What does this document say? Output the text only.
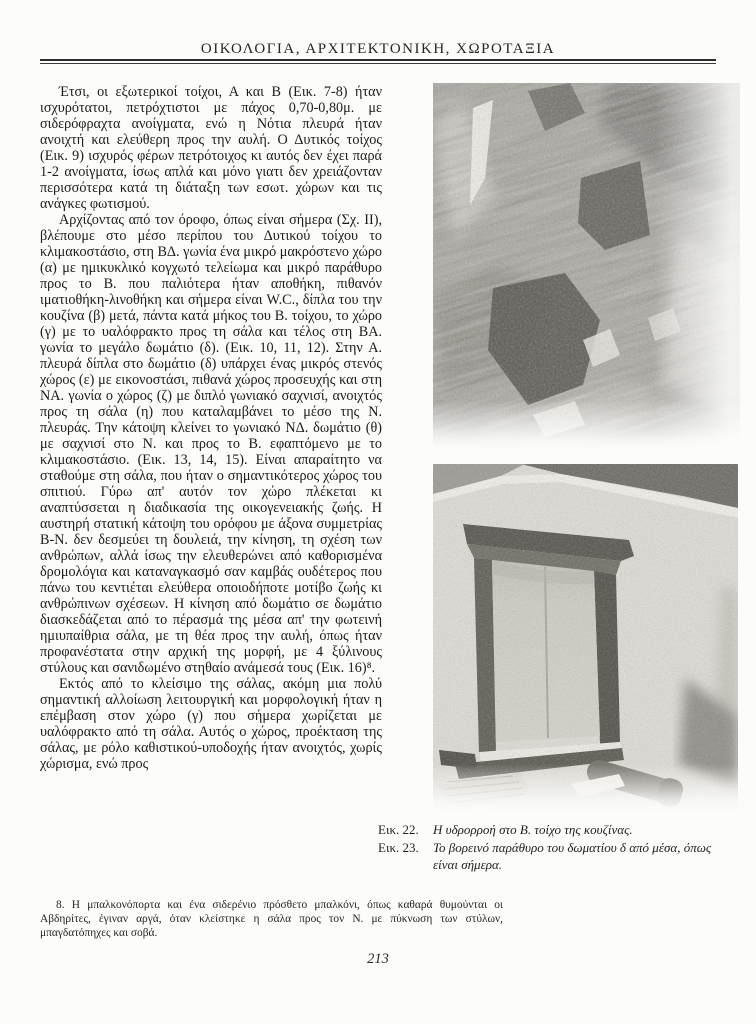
ΟΙΚΟΛΟΓΙΑ, ΑΡΧΙΤΕΚΤΟΝΙΚΗ, ΧΩΡΟΤΑΞΙΑ

Έτσι, οι εξωτερικοί τοίχοι, Α και Β (Εικ. 7-8) ήταν ισχυρότατοι, πετρόχτιστοι με πάχος 0,70-0,80μ. με σιδερόφραχτα ανοίγματα, ενώ η Νότια πλευρά ήταν ανοιχτή και ελεύθερη προς την αυλή. Ο Δυτικός τοίχος (Εικ. 9) ισχυρός φέρων πετρότοιχος κι αυτός δεν έχει παρά 1-2 ανοίγματα, ίσως απλά και μόνο γιατι δεν χρειάζονταν περισσότερα κατά τη διάταξη των εσωτ. χώρων και τις ανάγκες φωτισμού.

Αρχίζοντας από τον όροφο, όπως είναι σήμερα (Σχ. ΙΙ), βλέπουμε στο μέσο περίπου του Δυτικού τοίχου το κλιμακοστάσιο, στη ΒΔ. γωνία ένα μικρό μακρόστενο χώρο (α) με ημικυκλικό κογχωτό τελείωμα και μικρό παράθυρο προς το Β. που παλιότερα ήταν αποθήκη, πιθανόν ιματιοθήκη-λινοθήκη και σήμερα είναι W.C., δίπλα του την κουζίνα (β) μετά, πάντα κατά μήκος του Β. τοίχου, το χώρο (γ) με το υαλόφρακτο προς τη σάλα και τέλος στη ΒΑ. γωνία το μεγάλο δωμάτιο (δ). (Εικ. 10, 11, 12). Στην Α. πλευρά δίπλα στο δωμάτιο (δ) υπάρχει ένας μικρός στενός χώρος (ε) με εικονοστάσι, πιθανά χώρος προσευχής και στη ΝΑ. γωνία ο χώρος (ζ) με διπλό γωνιακό σαχνισί, ανοιχτός προς τη σάλα (η) που καταλαμβάνει το μέσο της Ν. πλευράς. Την κάτοψη κλείνει το γωνιακό ΝΔ. δωμάτιο (θ) με σαχνισί στο Ν. και προς το Β. εφαπτόμενο με το κλιμακοστάσιο. (Εικ. 13, 14, 15). Είναι απαραίτητο να σταθούμε στη σάλα, που ήταν ο σημαντικότερος χώρος του σπιτιού. Γύρω απ' αυτόν τον χώρο πλέκεται κι αναπτύσσεται η διαδικασία της οικογενειακής ζωής. Η αυστηρή στατική κάτοψη του ορόφου με άξονα συμμετρίας Β-Ν. δεν δεσμεύει τη δουλειά, την κίνηση, τη σχέση των ανθρώπων, αλλά ίσως την ελευθερώνει από καθορισμένα δρομολόγια και καταναγκασμό σαν καμβάς ουδέτερος που πάνω του κεντιέται ελεύθερα οποιοδήποτε μοτίβο ζωής κι ανθρώπινων σχέσεων. Η κίνηση από δωμάτιο σε δωμάτιο διασκεδάζεται από το πέρασμά της μέσα απ' την φωτεινή ημιυπαίθρια σάλα, με τη θέα προς την αυλή, όπως ήταν προφανέστατα στην αρχική της μορφή, με 4 ξύλινους στύλους και σανιδωμένο στηθαίο ανάμεσά τους (Εικ. 16)⁸.

Εκτός από το κλείσιμο της σάλας, ακόμη μια πολύ σημαντική αλλοίωση λειτουργική και μορφολογική ήταν η επέμβαση στον χώρο (γ) που σήμερα χωρίζεται με υαλόφρακτο από τη σάλα. Αυτός ο χώρος, προέκταση της σάλας, με ρόλο καθιστικού-υποδοχής ήταν ανοιχτός, χωρίς χώρισμα, ενώ προς

Εικ. 22.	Η υδρορροή στο Β. τοίχο της κουζίνας.
Εικ. 23.	Το βορεινό παράθυρο του δωματίου δ από μέσα, όπως είναι σήμερα.

8. Η μπαλκονόπορτα και ένα σιδερένιο πρόσθετο μπαλκόνι, όπως καθαρά θυμούνται οι Αβδηρίτες, έγιναν αργά, όταν κλείστηκε η σάλα προς τον Ν. με πύκνωση των στύλων, μπαγδατόπηχες και σοβά.

213
